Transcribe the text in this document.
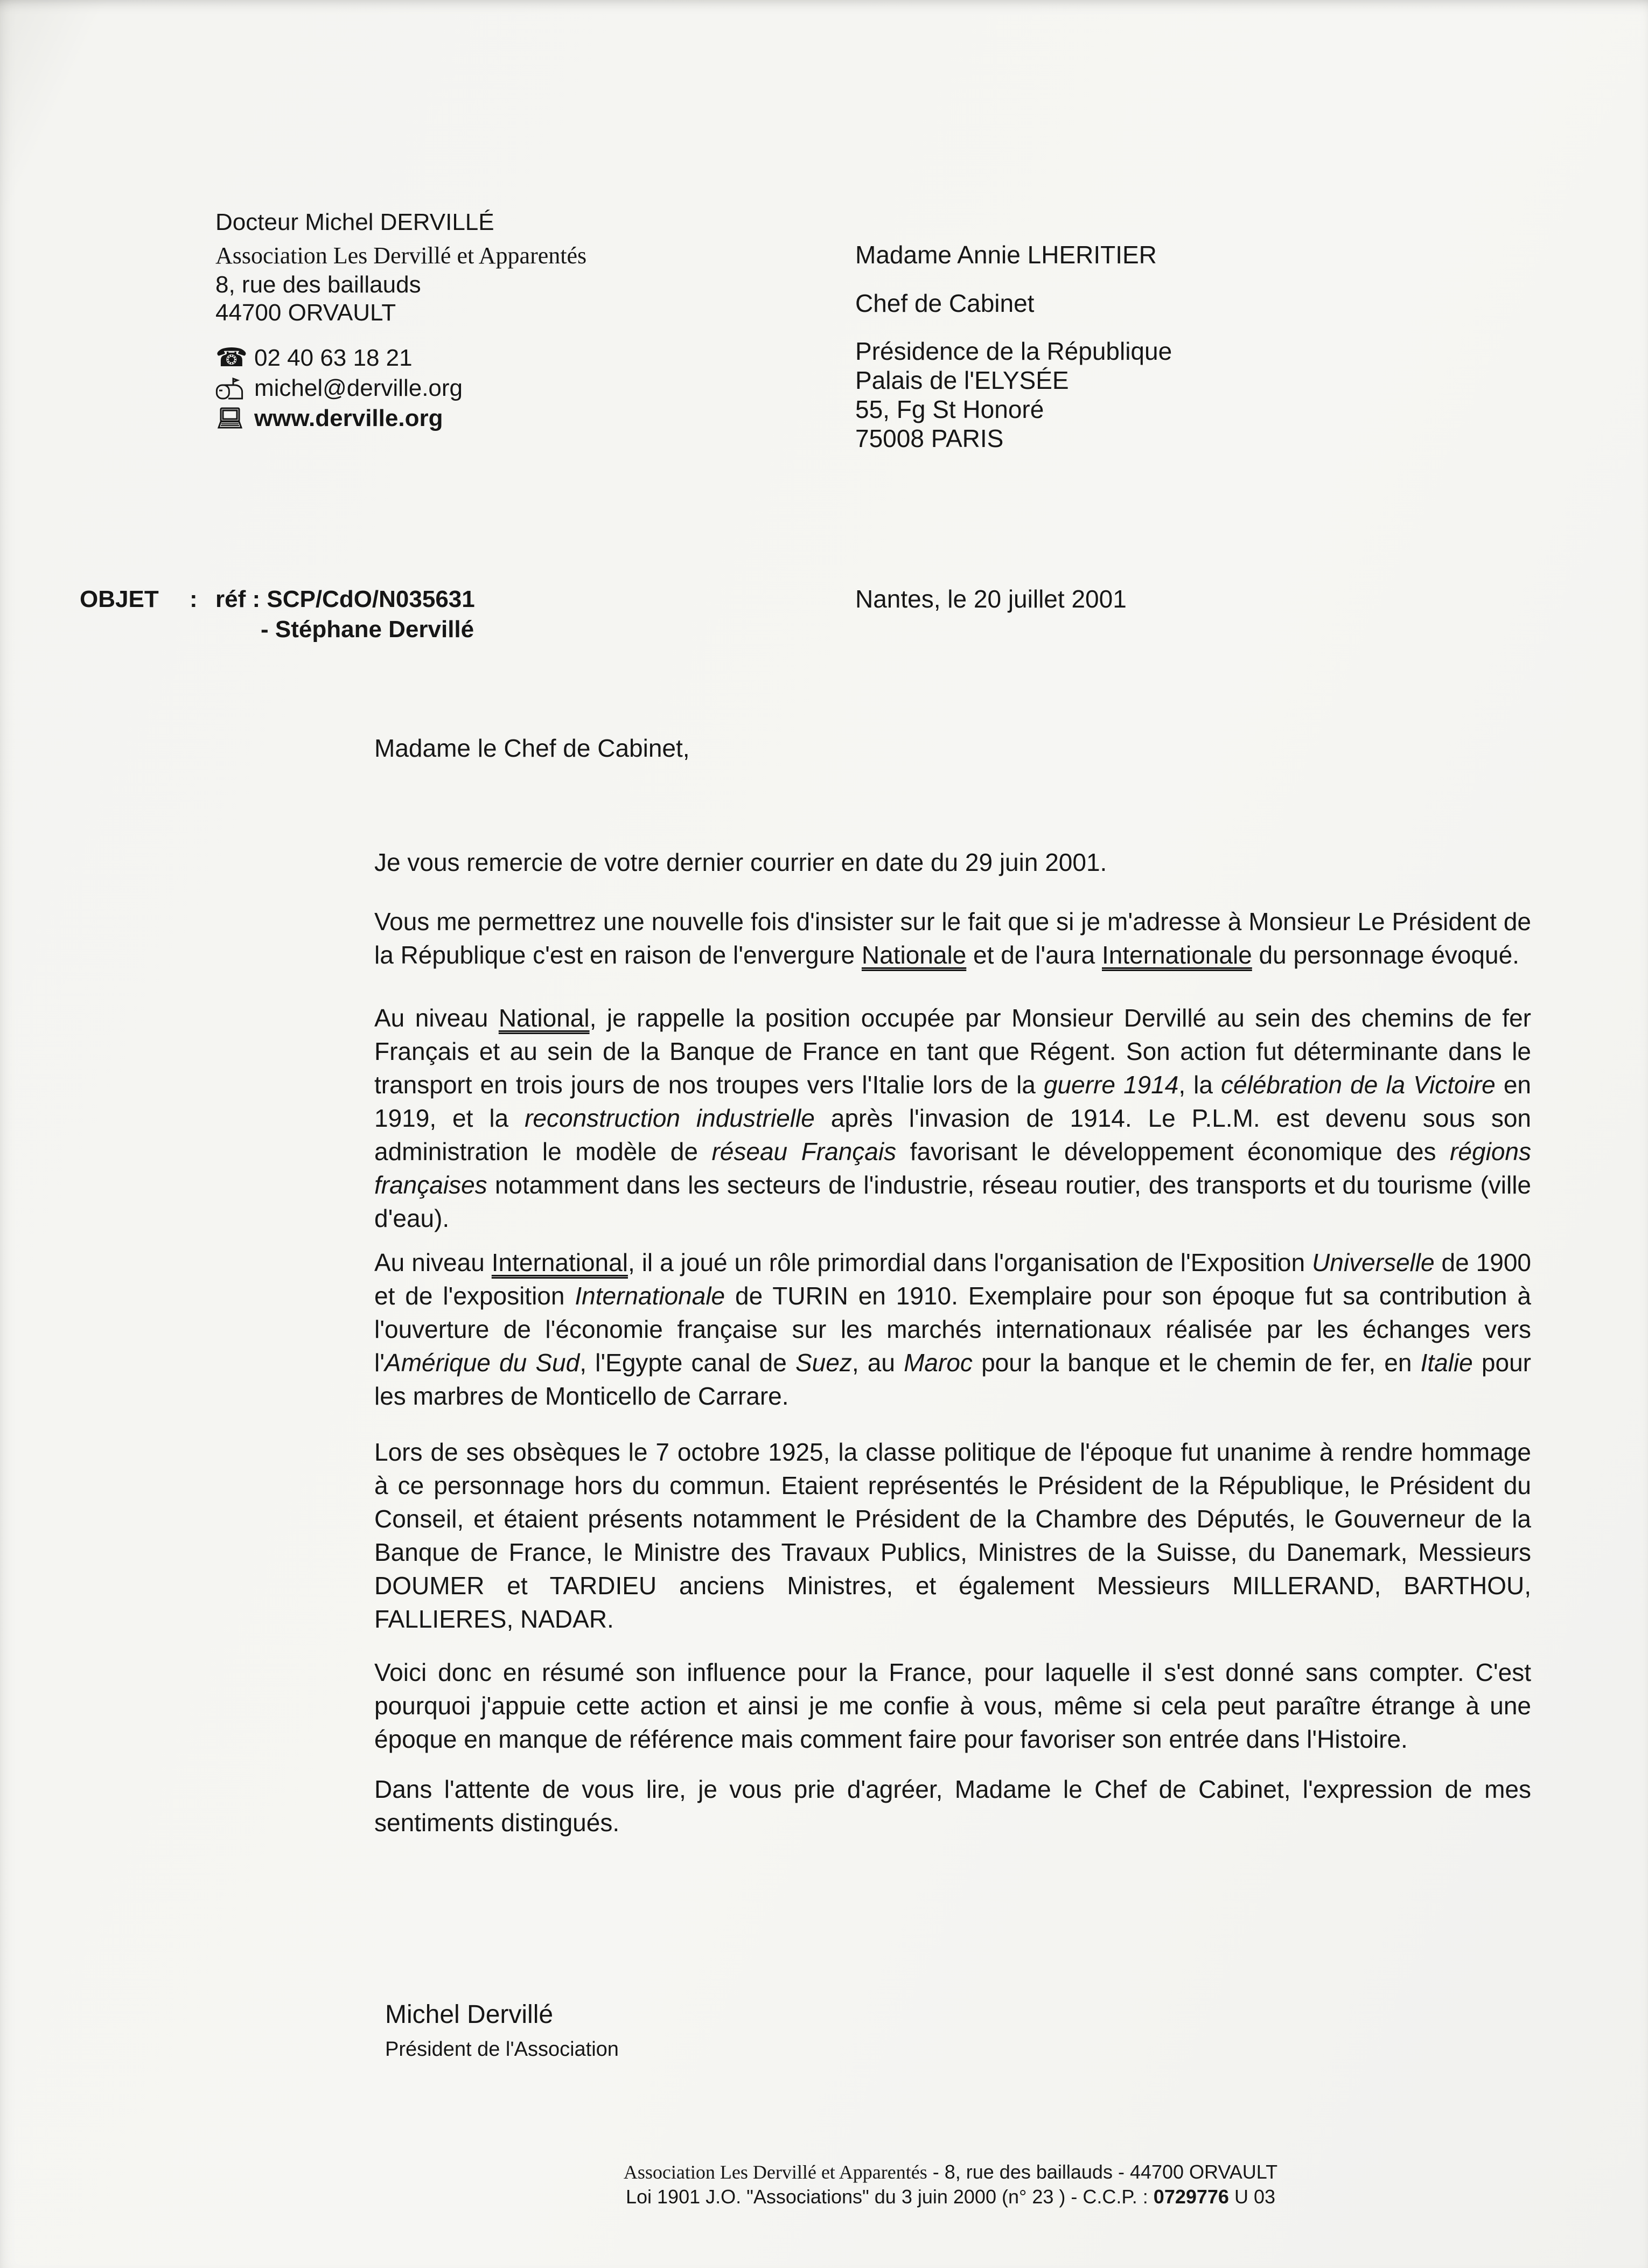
Docteur Michel DERVILLÉ
Association Les Dervillé et Apparentés
8, rue des baillauds
44700 ORVAULT
☎ 02 40 63 18 21
michel@derville.org
www.derville.org
Madame Annie LHERITIER
Chef de Cabinet
Présidence de la République
Palais de l'ELYSÉE
55, Fg St Honoré
75008 PARIS
OBJET	: réf : SCP/CdO/N035631
- Stéphane Dervillé
Nantes, le 20 juillet 2001

Madame le Chef de Cabinet,

Je vous remercie de votre dernier courrier en date du 29 juin 2001.

Vous me permettrez une nouvelle fois d'insister sur le fait que si je m'adresse à Monsieur Le Président de la République c'est en raison de l'envergure Nationale et de l'aura Internationale du personnage évoqué.

Au niveau National, je rappelle la position occupée par Monsieur Dervillé au sein des chemins de fer Français et au sein de la Banque de France en tant que Régent. Son action fut déterminante dans le transport en trois jours de nos troupes vers l'Italie lors de la guerre 1914, la célébration de la Victoire en 1919, et la reconstruction industrielle après l'invasion de 1914. Le P.L.M. est devenu sous son administration le modèle de réseau Français favorisant le développement économique des régions françaises notamment dans les secteurs de l'industrie, réseau routier, des transports et du tourisme (ville d'eau).

Au niveau International, il a joué un rôle primordial dans l'organisation de l'Exposition Universelle de 1900 et de l'exposition Internationale de TURIN en 1910. Exemplaire pour son époque fut sa contribution à l'ouverture de l'économie française sur les marchés internationaux réalisée par les échanges vers l'Amérique du Sud, l'Egypte canal de Suez, au Maroc pour la banque et le chemin de fer, en Italie pour les marbres de Monticello de Carrare.

Lors de ses obsèques le 7 octobre 1925, la classe politique de l'époque fut unanime à rendre hommage à ce personnage hors du commun. Etaient représentés le Président de la République, le Président du Conseil, et étaient présents notamment le Président de la Chambre des Députés, le Gouverneur de la Banque de France, le Ministre des Travaux Publics, Ministres de la Suisse, du Danemark, Messieurs DOUMER et TARDIEU anciens Ministres, et également Messieurs MILLERAND, BARTHOU, FALLIERES, NADAR.

Voici donc en résumé son influence pour la France, pour laquelle il s'est donné sans compter. C'est pourquoi j'appuie cette action et ainsi je me confie à vous, même si cela peut paraître étrange à une époque en manque de référence mais comment faire pour favoriser son entrée dans l'Histoire.

Dans l'attente de vous lire, je vous prie d'agréer, Madame le Chef de Cabinet, l'expression de mes sentiments distingués.

Michel Dervillé
Président de l'Association
Association Les Dervillé et Apparentés - 8, rue des baillauds - 44700 ORVAULT
Loi 1901 J.O. "Associations" du 3 juin 2000 (n° 23 ) - C.C.P. : 0729776 U 03
